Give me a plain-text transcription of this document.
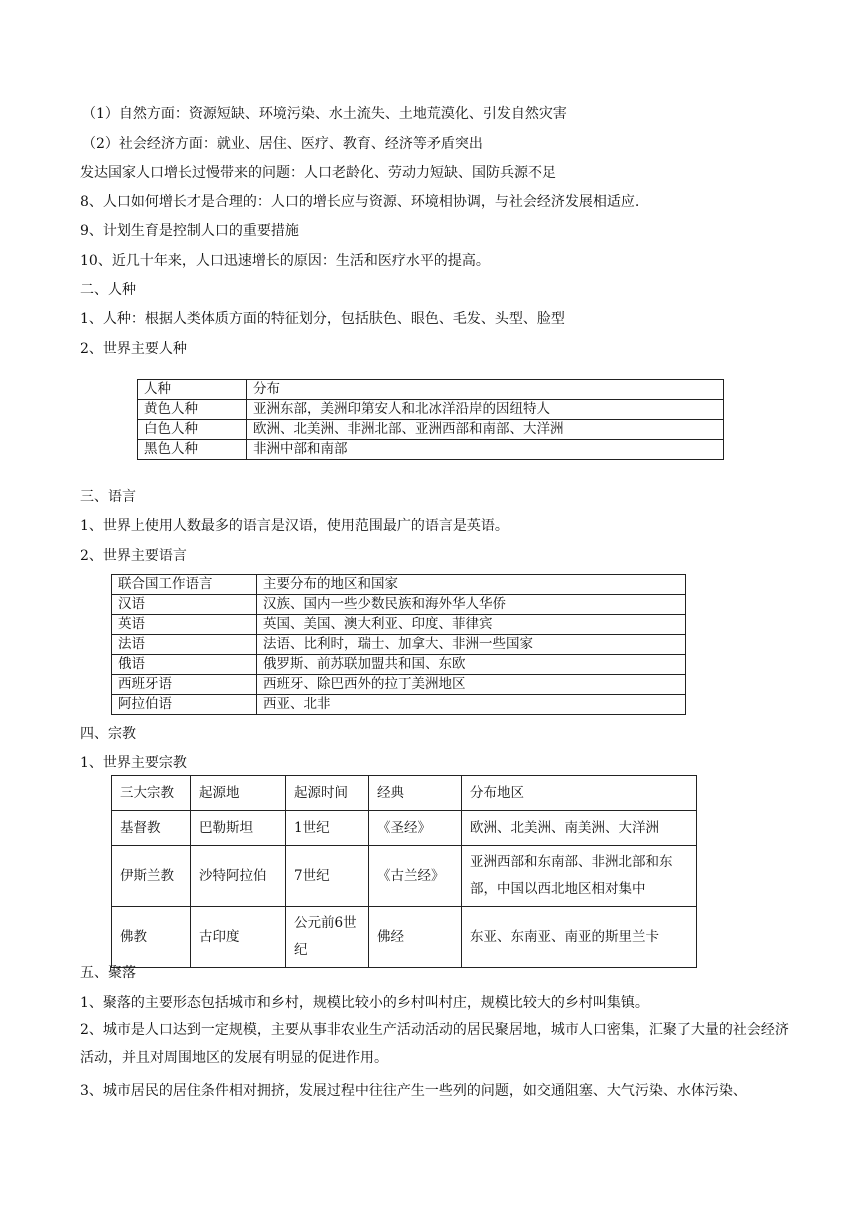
（1）自然方面：资源短缺、环境污染、水土流失、土地荒漠化、引发自然灾害
（2）社会经济方面：就业、居住、医疗、教育、经济等矛盾突出
发达国家人口增长过慢带来的问题：人口老龄化、劳动力短缺、国防兵源不足
8、人口如何增长才是合理的：人口的增长应与资源、环境相协调，与社会经济发展相适应.
9、计划生育是控制人口的重要措施
10、近几十年来，人口迅速增长的原因：生活和医疗水平的提高。
二、人种
1、人种：根据人类体质方面的特征划分，包括肤色、眼色、毛发、头型、脸型
2、世界主要人种
人种	分布
黄色人种	亚洲东部，美洲印第安人和北冰洋沿岸的因纽特人
白色人种	欧洲、北美洲、非洲北部、亚洲西部和南部、大洋洲
黑色人种	非洲中部和南部
三、语言
1、世界上使用人数最多的语言是汉语，使用范围最广的语言是英语。
2、世界主要语言
联合国工作语言	主要分布的地区和国家
汉语	汉族、国内一些少数民族和海外华人华侨
英语	英国、美国、澳大利亚、印度、菲律宾
法语	法语、比利时，瑞士、加拿大、非洲一些国家
俄语	俄罗斯、前苏联加盟共和国、东欧
西班牙语	西班牙、除巴西外的拉丁美洲地区
阿拉伯语	西亚、北非
四、宗教
1、世界主要宗教
三大宗教	起源地	起源时间	经典	分布地区
基督教	巴勒斯坦	1世纪	《圣经》	欧洲、北美洲、南美洲、大洋洲
伊斯兰教	沙特阿拉伯	7世纪	《古兰经》	亚洲西部和东南部、非洲北部和东部，中国以西北地区相对集中
佛教	古印度	公元前6世纪	佛经	东亚、东南亚、南亚的斯里兰卡
五、聚落
1、聚落的主要形态包括城市和乡村，规模比较小的乡村叫村庄，规模比较大的乡村叫集镇。
2、城市是人口达到一定规模，主要从事非农业生产活动活动的居民聚居地，城市人口密集，汇聚了大量的社会经济活动，并且对周围地区的发展有明显的促进作用。
3、城市居民的居住条件相对拥挤，发展过程中往往产生一些列的问题，如交通阻塞、大气污染、水体污染、
